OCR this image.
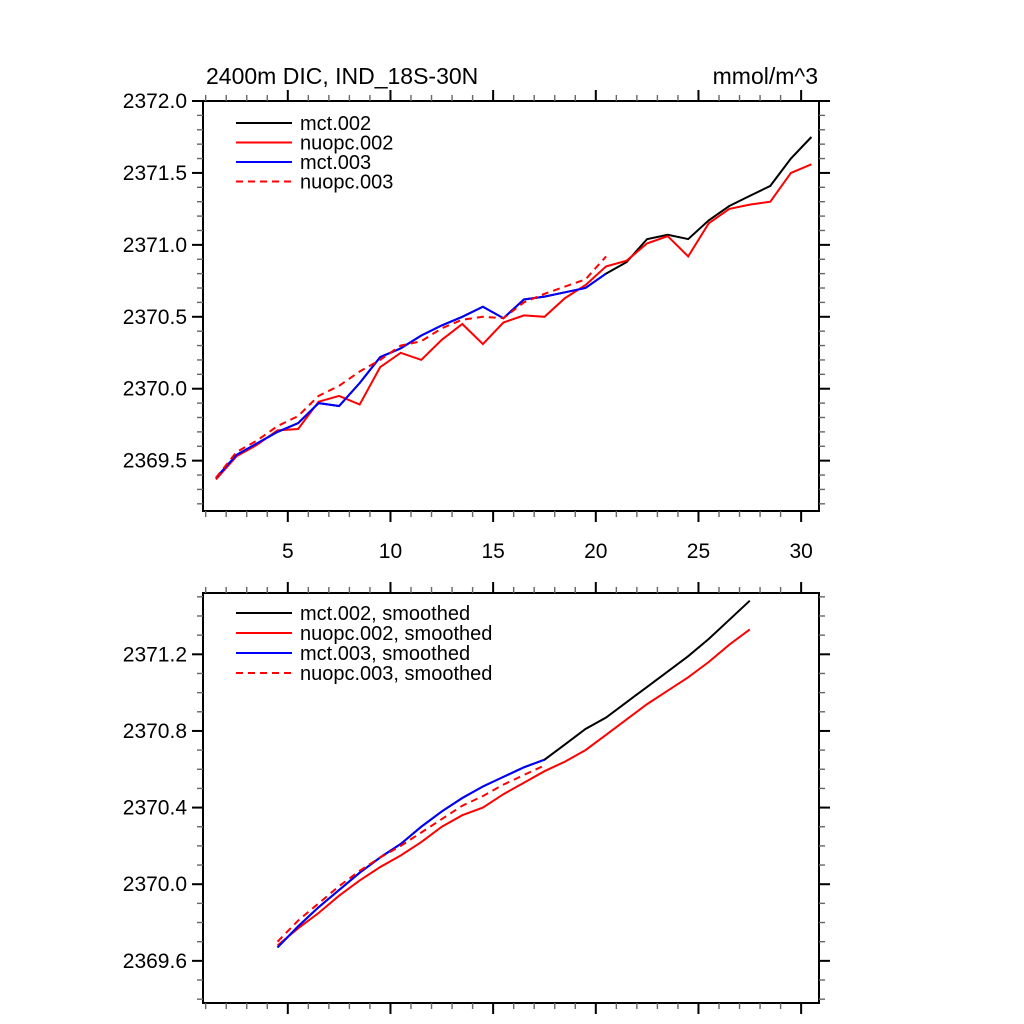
2400m DIC, IND_18S-30N	mmol/m^3
5	10	15	20	25	30
2369.5
2370.0
2370.5
2371.0
2371.5
2372.0
mct.002
nuopc.002
mct.003
nuopc.003
2369.6
2370.0
2370.4
2370.8
2371.2
mct.002, smoothed
nuopc.002, smoothed
mct.003, smoothed
nuopc.003, smoothed
